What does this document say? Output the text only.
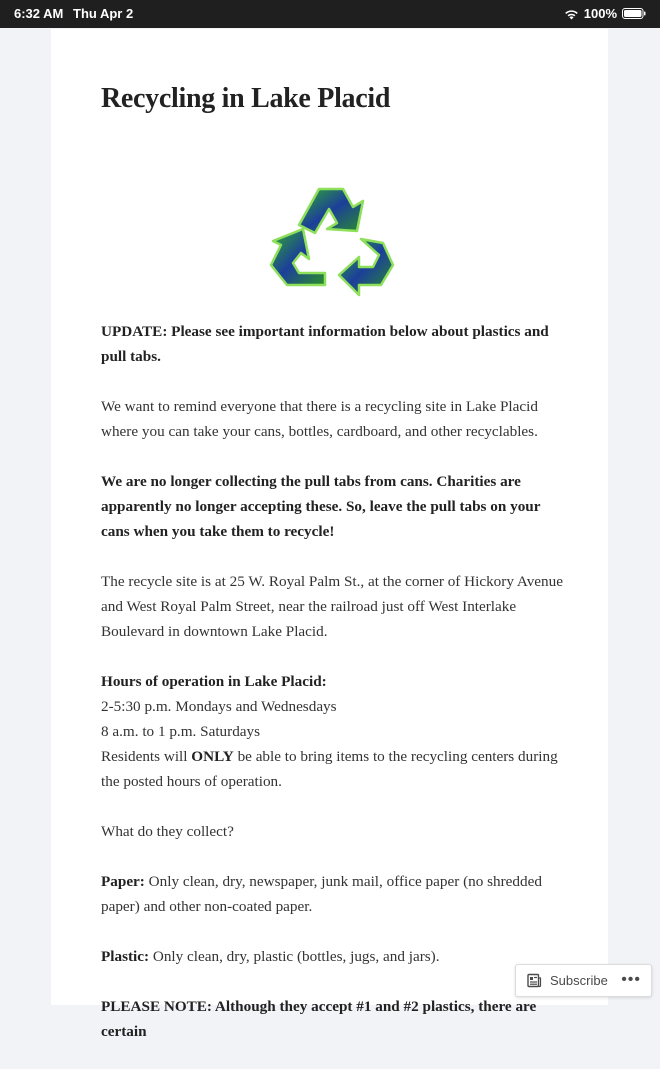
6:32 AM Thu Apr 2	100%
Recycling in Lake Placid

UPDATE: Please see important information below about plastics and pull tabs.

We want to remind everyone that there is a recycling site in Lake Placid where you can take your cans, bottles, cardboard, and other recyclables.

We are no longer collecting the pull tabs from cans. Charities are apparently no longer accepting these. So, leave the pull tabs on your cans when you take them to recycle!

The recycle site is at 25 W. Royal Palm St., at the corner of Hickory Avenue and West Royal Palm Street, near the railroad just off West Interlake Boulevard in downtown Lake Placid.

Hours of operation in Lake Placid:
2-5:30 p.m. Mondays and Wednesdays
8 a.m. to 1 p.m. Saturdays
Residents will ONLY be able to bring items to the recycling centers during the posted hours of operation.

What do they collect?

Paper: Only clean, dry, newspaper, junk mail, office paper (no shredded paper) and other non-coated paper.

Plastic: Only clean, dry, plastic (bottles, jugs, and jars).

PLEASE NOTE: Although they accept #1 and #2 plastics, there are certain

Subscribe •••
